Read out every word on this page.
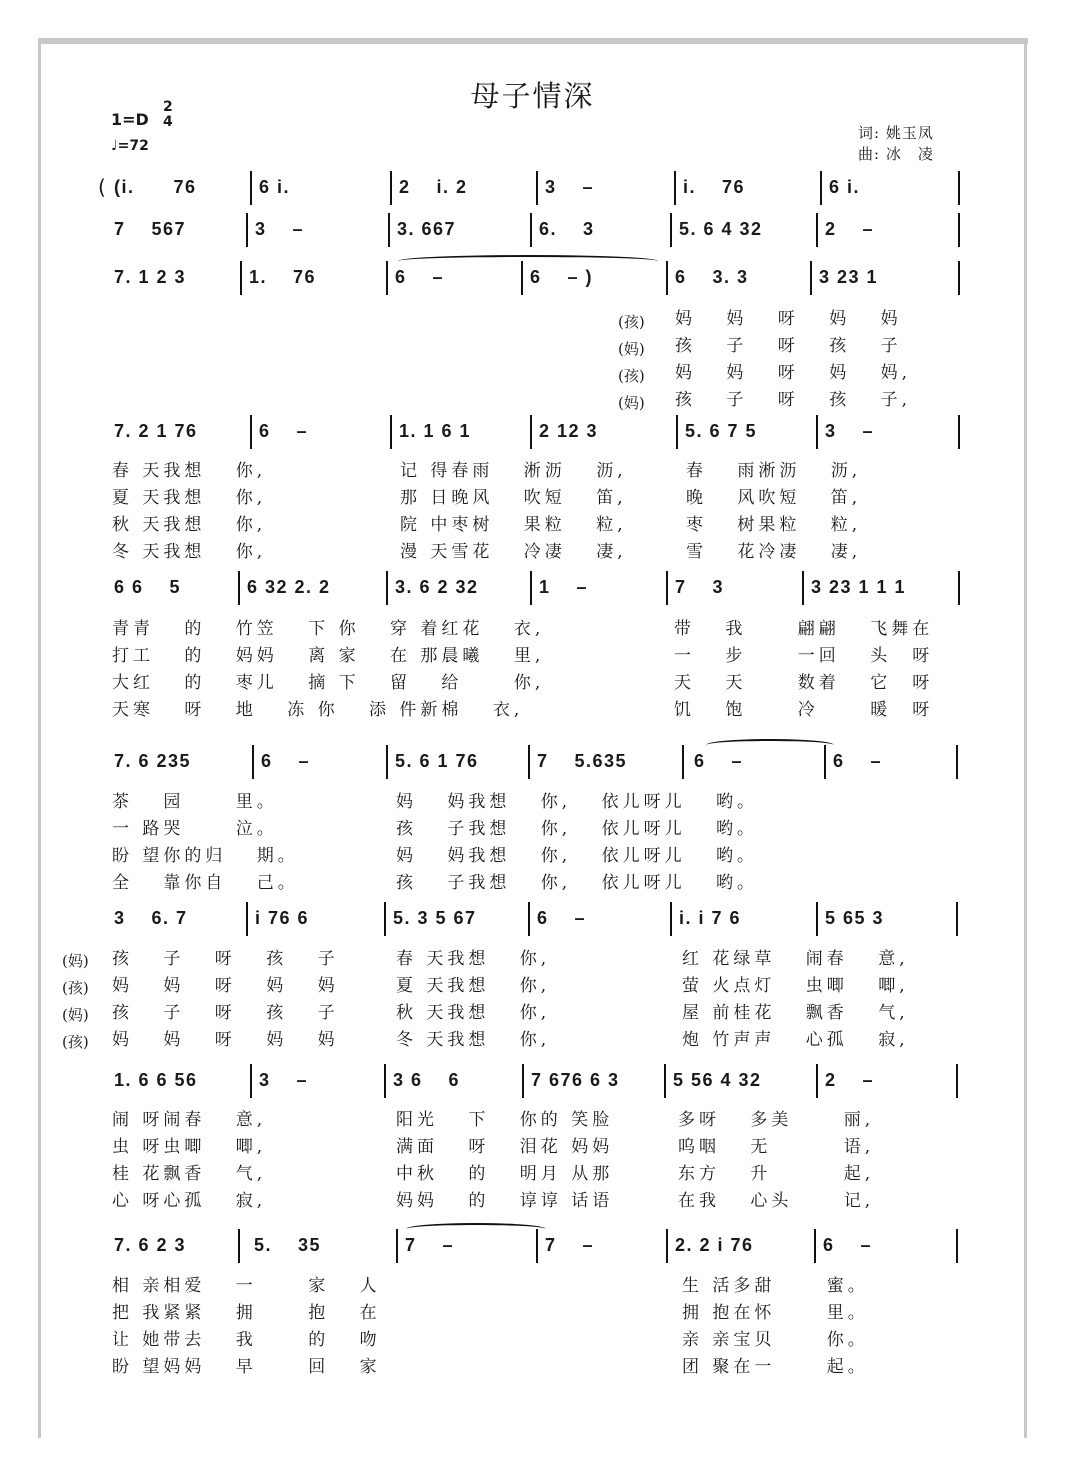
母子情深
1=D
2
4
♩=72
词: 姚玉凤
曲: 冰　凌
( (i.　　76	6 i.	2　 i. 2	3　 –	i.　 76	6 i.
7　 567	3　 –	3. 667	6.　 3	5. 6 4 32	2　 –
7. 1 2 3	1.　 76	6　 –	6　 – )	6　 3. 3	3 23 1
(孩)
(妈)
(孩)
(妈)
妈　 妈　 呀　 妈　 妈
孩　 子　 呀　 孩　 子
妈　 妈　 呀　 妈　 妈,
孩　 子　 呀　 孩　 子,
7. 2 1 76	6　 –	1. 1 6 1	2 12 3	5. 6 7 5	3　 –
春 天我想　 你,	记 得春雨　 淅沥　 沥,	春　 雨淅沥　 沥,
夏 天我想　 你,	那 日晚风　 吹短　 笛,	晚　 风吹短　 笛,
秋 天我想　 你,	院 中枣树　 果粒　 粒,	枣　 树果粒　 粒,
冬 天我想　 你,	漫 天雪花　 冷凄　 凄,	雪　 花冷凄　 凄,
6 6　 5	6 32 2. 2	3. 6 2 32	1　 –	7　 3	3 23 1 1 1
青青　 的　 竹笠　 下 你　 穿 着红花　 衣,	带　 我　　 翩翩　 飞舞在
打工　 的　 妈妈　 离 家　 在 那晨曦　 里,	一　 步　　 一回　 头　呀
大红　 的　 枣儿　 摘 下　 留　 给　　 你,	天　 天　　 数着　 它　呀
天寒　 呀　 地　 冻 你　 添 件新棉　 衣,	饥　 饱　　 冷　　 暖　呀
7. 6 235	6　 –	5. 6 1 76	7　 5.635	6　 –	6　 –
茶　 园　　 里。	妈　 妈我想　 你,　 依儿呀儿　 哟。
一 路哭　　 泣。	孩　 子我想　 你,　 依儿呀儿　 哟。
盼 望你的归　 期。	妈　 妈我想　 你,　 依儿呀儿　 哟。
全　 靠你自　 己。	孩　 子我想　 你,　 依儿呀儿　 哟。
3　 6. 7	i 76 6	5. 3 5 67	6　 –	i. i 7 6	5 65 3
(妈)
(孩)
(妈)
(孩)
孩　 子　 呀　 孩　 子	春 天我想　 你,	红 花绿草　 闹春　 意,
妈　 妈　 呀　 妈　 妈	夏 天我想　 你,	萤 火点灯　 虫唧　 唧,
孩　 子　 呀　 孩　 子	秋 天我想　 你,	屋 前桂花　 飘香　 气,
妈　 妈　 呀　 妈　 妈	冬 天我想　 你,	炮 竹声声　 心孤　 寂,
1. 6 6 56	3　 –	3 6　 6	7 676 6 3	5 56 4 32	2　 –
闹 呀闹春　 意,	阳光　 下　 你的 笑脸	多呀　 多美　　 丽,
虫 呀虫唧　 唧,	满面　 呀　 泪花 妈妈	呜咽　 无　　　 语,
桂 花飘香　 气,	中秋　 的　 明月 从那	东方　 升　　　 起,
心 呀心孤　 寂,	妈妈　 的　 谆谆 话语	在我　 心头　　 记,
7. 6 2 3	5.　 35	7　 –	7　 –	2. 2 i 76	6　 –
相 亲相爱　 一　　 家　 人	生 活多甜　　 蜜。
把 我紧紧　 拥　　 抱　 在	拥 抱在怀　　 里。
让 她带去　 我　　 的　 吻	亲 亲宝贝　　 你。
盼 望妈妈　 早　　 回　 家	团 聚在一　　 起。
